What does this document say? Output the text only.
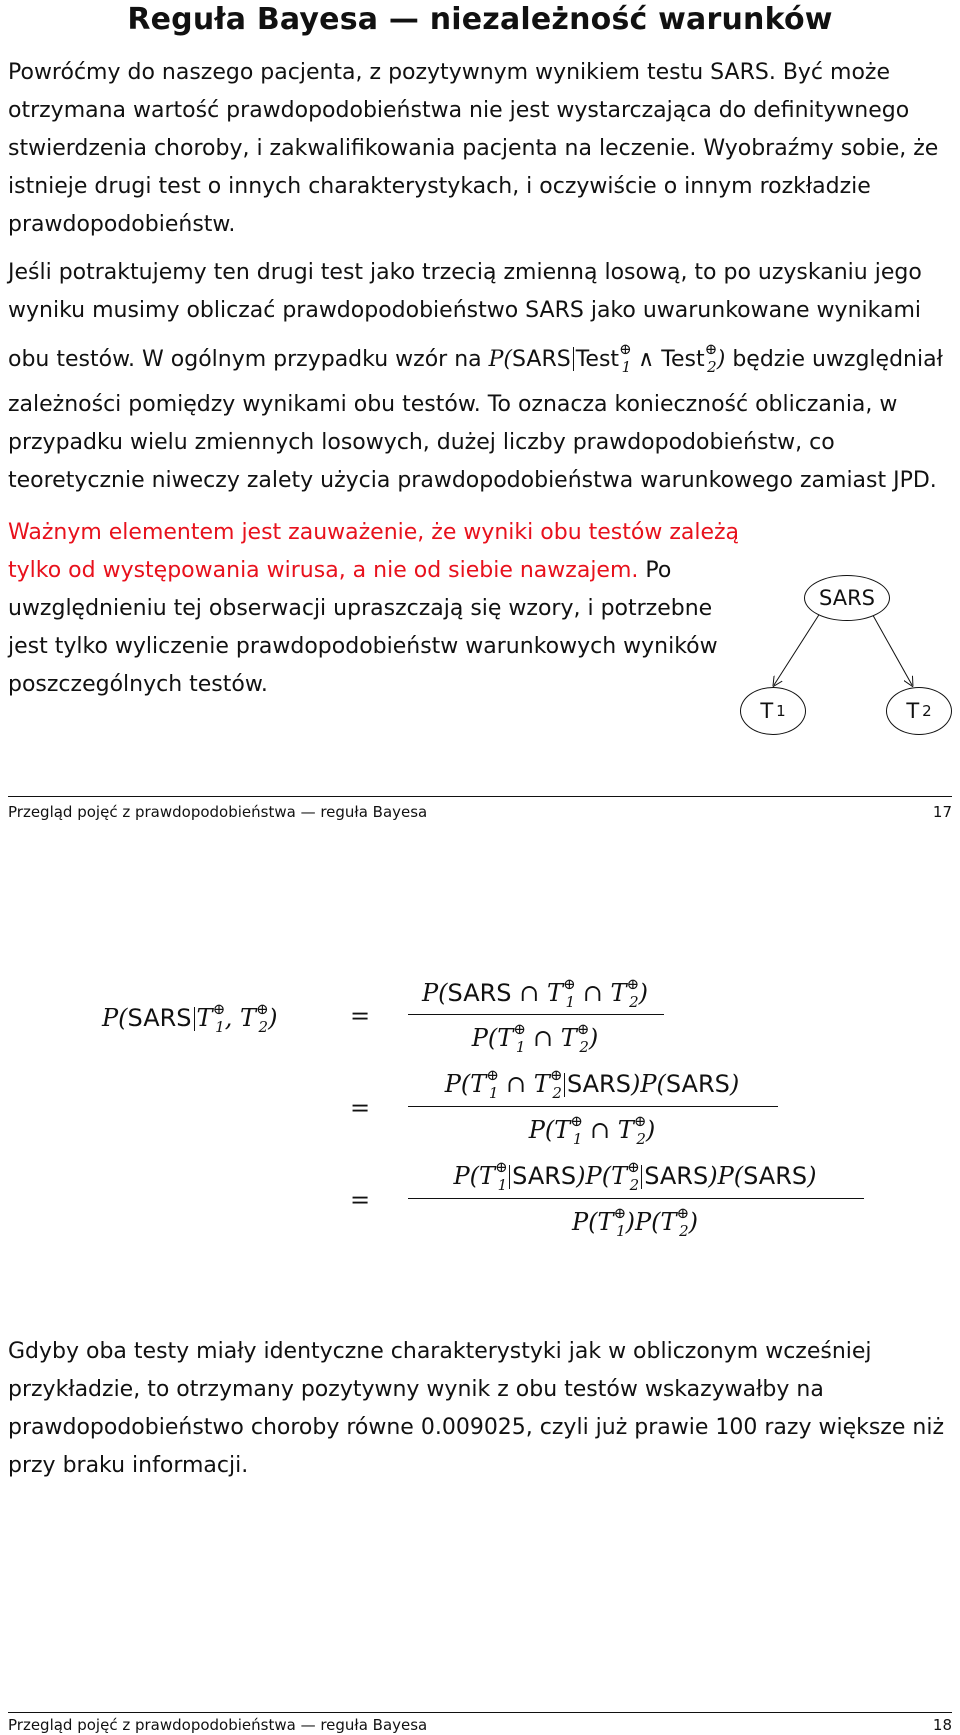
Reguła Bayesa — niezależność warunków
Powróćmy do naszego pacjenta, z pozytywnym wynikiem testu SARS. Być może otrzymana wartość prawdopodobieństwa nie jest wystarczająca do definitywnego stwierdzenia choroby, i zakwalifikowania pacjenta na leczenie. Wyobraźmy sobie, że istnieje drugi test o innych charakterystykach, i oczywiście o innym rozkładzie prawdopodobieństw.
Jeśli potraktujemy ten drugi test jako trzecią zmienną losową, to po uzyskaniu jego wyniku musimy obliczać prawdopodobieństwo SARS jako uwarunkowane wynikami obu testów. W ogólnym przypadku wzór na P(SARS Test⊕$_1$ ∧ Test⊕$_2$) będzie uwzględniał zależności pomiędzy wynikami obu testów. To oznacza konieczność obliczania, w przypadku wielu zmiennych losowych, dużej liczby prawdopodobieństw, co teoretycznie niweczy zalety użycia prawdopodobieństwa warunkowego zamiast JPD.
Ważnym elementem jest zauważenie, że wyniki obu testów zależą tylko od występowania wirusa, a nie od siebie nawzajem. Po uwzględnieniu tej obserwacji upraszczają się wzory, i potrzebne jest tylko wyliczenie prawdopodobieństw warunkowych wyników poszczególnych testów.
SARS
T 1	T 2
Przegląd pojęć z prawdopodobieństwa — reguła Bayesa	17
P(SARS $T^\oplus_1$, $T^\oplus_2$)	=
=
=
P(SARS ∩ $T^\oplus_1$ ∩ $T^\oplus_2$)
$P(T^\oplus_1$ ∩ $T^\oplus_2$)
$P(T^\oplus_1$ ∩ $T^\oplus_2$ SARS)P(SARS)
$P(T^\oplus_1$ ∩ $T^\oplus_2$)
$P(T^\oplus_1$ $SARS)P(T^\oplus_2$ SARS)P(SARS)
$P(T^\oplus_1)P(T^\oplus_2)$
Gdyby oba testy miały identyczne charakterystyki jak w obliczonym wcześniej przykładzie, to otrzymany pozytywny wynik z obu testów wskazywałby na prawdopodobieństwo choroby równe 0.009025, czyli już prawie 100 razy większe niż przy braku informacji.
Przegląd pojęć z prawdopodobieństwa — reguła Bayesa	18
